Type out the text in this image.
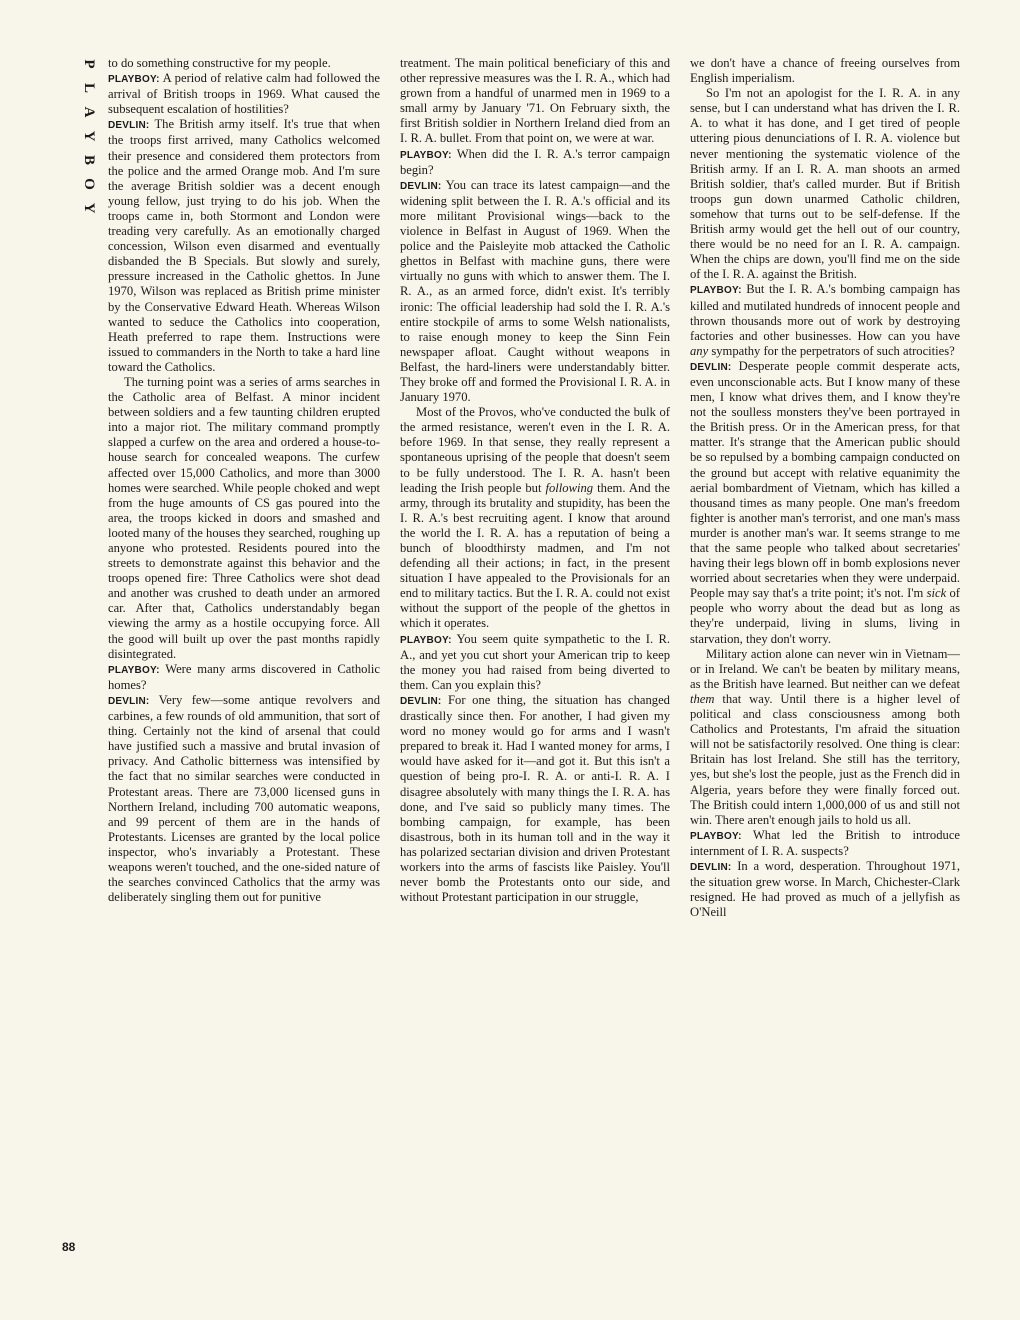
P
L
A
Y
B
O
Y
88

to do something constructive for my people.

PLAYBOY: A period of relative calm had followed the arrival of British troops in 1969. What caused the subsequent escalation of hostilities?

DEVLIN: The British army itself. It's true that when the troops first arrived, many Catholics welcomed their presence and considered them protectors from the police and the armed Orange mob. And I'm sure the average British soldier was a decent enough young fellow, just trying to do his job. When the troops came in, both Stormont and London were treading very carefully. As an emotionally charged concession, Wilson even disarmed and eventually disbanded the B Specials. But slowly and surely, pressure increased in the Catholic ghettos. In June 1970, Wilson was replaced as British prime minister by the Conservative Edward Heath. Whereas Wilson wanted to seduce the Catholics into cooperation, Heath preferred to rape them. Instructions were issued to commanders in the North to take a hard line toward the Catholics.

The turning point was a series of arms searches in the Catholic area of Belfast. A minor incident between soldiers and a few taunting children erupted into a major riot. The military command promptly slapped a curfew on the area and ordered a house-to-house search for concealed weapons. The curfew affected over 15,000 Catholics, and more than 3000 homes were searched. While people choked and wept from the huge amounts of CS gas poured into the area, the troops kicked in doors and smashed and looted many of the houses they searched, roughing up anyone who protested. Residents poured into the streets to demonstrate against this behavior and the troops opened fire: Three Catholics were shot dead and another was crushed to death under an armored car. After that, Catholics understandably began viewing the army as a hostile occupying force. All the good will built up over the past months rapidly disintegrated.

PLAYBOY: Were many arms discovered in Catholic homes?

DEVLIN: Very few—some antique revolvers and carbines, a few rounds of old ammunition, that sort of thing. Certainly not the kind of arsenal that could have justified such a massive and brutal invasion of privacy. And Catholic bitterness was intensified by the fact that no similar searches were conducted in Protestant areas. There are 73,000 licensed guns in Northern Ireland, including 700 automatic weapons, and 99 percent of them are in the hands of Protestants. Licenses are granted by the local police inspector, who's invariably a Protestant. These weapons weren't touched, and the one-sided nature of the searches convinced Catholics that the army was deliberately singling them out for punitive

treatment. The main political beneficiary of this and other repressive measures was the I. R. A., which had grown from a handful of unarmed men in 1969 to a small army by January '71. On February sixth, the first British soldier in Northern Ireland died from an I. R. A. bullet. From that point on, we were at war.

PLAYBOY: When did the I. R. A.'s terror campaign begin?

DEVLIN: You can trace its latest campaign—and the widening split between the I. R. A.'s official and its more militant Provisional wings—back to the violence in Belfast in August of 1969. When the police and the Paisleyite mob attacked the Catholic ghettos in Belfast with machine guns, there were virtually no guns with which to answer them. The I. R. A., as an armed force, didn't exist. It's terribly ironic: The official leadership had sold the I. R. A.'s entire stockpile of arms to some Welsh nationalists, to raise enough money to keep the Sinn Fein newspaper afloat. Caught without weapons in Belfast, the hard-liners were understandably bitter. They broke off and formed the Provisional I. R. A. in January 1970.

Most of the Provos, who've conducted the bulk of the armed resistance, weren't even in the I. R. A. before 1969. In that sense, they really represent a spontaneous uprising of the people that doesn't seem to be fully understood. The I. R. A. hasn't been leading the Irish people but following them. And the army, through its brutality and stupidity, has been the I. R. A.'s best recruiting agent. I know that around the world the I. R. A. has a reputation of being a bunch of bloodthirsty madmen, and I'm not defending all their actions; in fact, in the present situation I have appealed to the Provisionals for an end to military tactics. But the I. R. A. could not exist without the support of the people of the ghettos in which it operates.

PLAYBOY: You seem quite sympathetic to the I. R. A., and yet you cut short your American trip to keep the money you had raised from being diverted to them. Can you explain this?

DEVLIN: For one thing, the situation has changed drastically since then. For another, I had given my word no money would go for arms and I wasn't prepared to break it. Had I wanted money for arms, I would have asked for it—and got it. But this isn't a question of being pro-I. R. A. or anti-I. R. A. I disagree absolutely with many things the I. R. A. has done, and I've said so publicly many times. The bombing campaign, for example, has been disastrous, both in its human toll and in the way it has polarized sectarian division and driven Protestant workers into the arms of fascists like Paisley. You'll never bomb the Protestants onto our side, and without Protestant participation in our struggle,

we don't have a chance of freeing ourselves from English imperialism.

So I'm not an apologist for the I. R. A. in any sense, but I can understand what has driven the I. R. A. to what it has done, and I get tired of people uttering pious denunciations of I. R. A. violence but never mentioning the systematic violence of the British army. If an I. R. A. man shoots an armed British soldier, that's called murder. But if British troops gun down unarmed Catholic children, somehow that turns out to be self-defense. If the British army would get the hell out of our country, there would be no need for an I. R. A. campaign. When the chips are down, you'll find me on the side of the I. R. A. against the British.

PLAYBOY: But the I. R. A.'s bombing campaign has killed and mutilated hundreds of innocent people and thrown thousands more out of work by destroying factories and other businesses. How can you have any sympathy for the perpetrators of such atrocities?

DEVLIN: Desperate people commit desperate acts, even unconscionable acts. But I know many of these men, I know what drives them, and I know they're not the soulless monsters they've been portrayed in the British press. Or in the American press, for that matter. It's strange that the American public should be so repulsed by a bombing campaign conducted on the ground but accept with relative equanimity the aerial bombardment of Vietnam, which has killed a thousand times as many people. One man's freedom fighter is another man's terrorist, and one man's mass murder is another man's war. It seems strange to me that the same people who talked about secretaries' having their legs blown off in bomb explosions never worried about secretaries when they were underpaid. People may say that's a trite point; it's not. I'm sick of people who worry about the dead but as long as they're underpaid, living in slums, living in starvation, they don't worry.

Military action alone can never win in Vietnam—or in Ireland. We can't be beaten by military means, as the British have learned. But neither can we defeat them that way. Until there is a higher level of political and class consciousness among both Catholics and Protestants, I'm afraid the situation will not be satisfactorily resolved. One thing is clear: Britain has lost Ireland. She still has the territory, yes, but she's lost the people, just as the French did in Algeria, years before they were finally forced out. The British could intern 1,000,000 of us and still not win. There aren't enough jails to hold us all.

PLAYBOY: What led the British to introduce internment of I. R. A. suspects?

DEVLIN: In a word, desperation. Throughout 1971, the situation grew worse. In March, Chichester-Clark resigned. He had proved as much of a jellyfish as O'Neill
